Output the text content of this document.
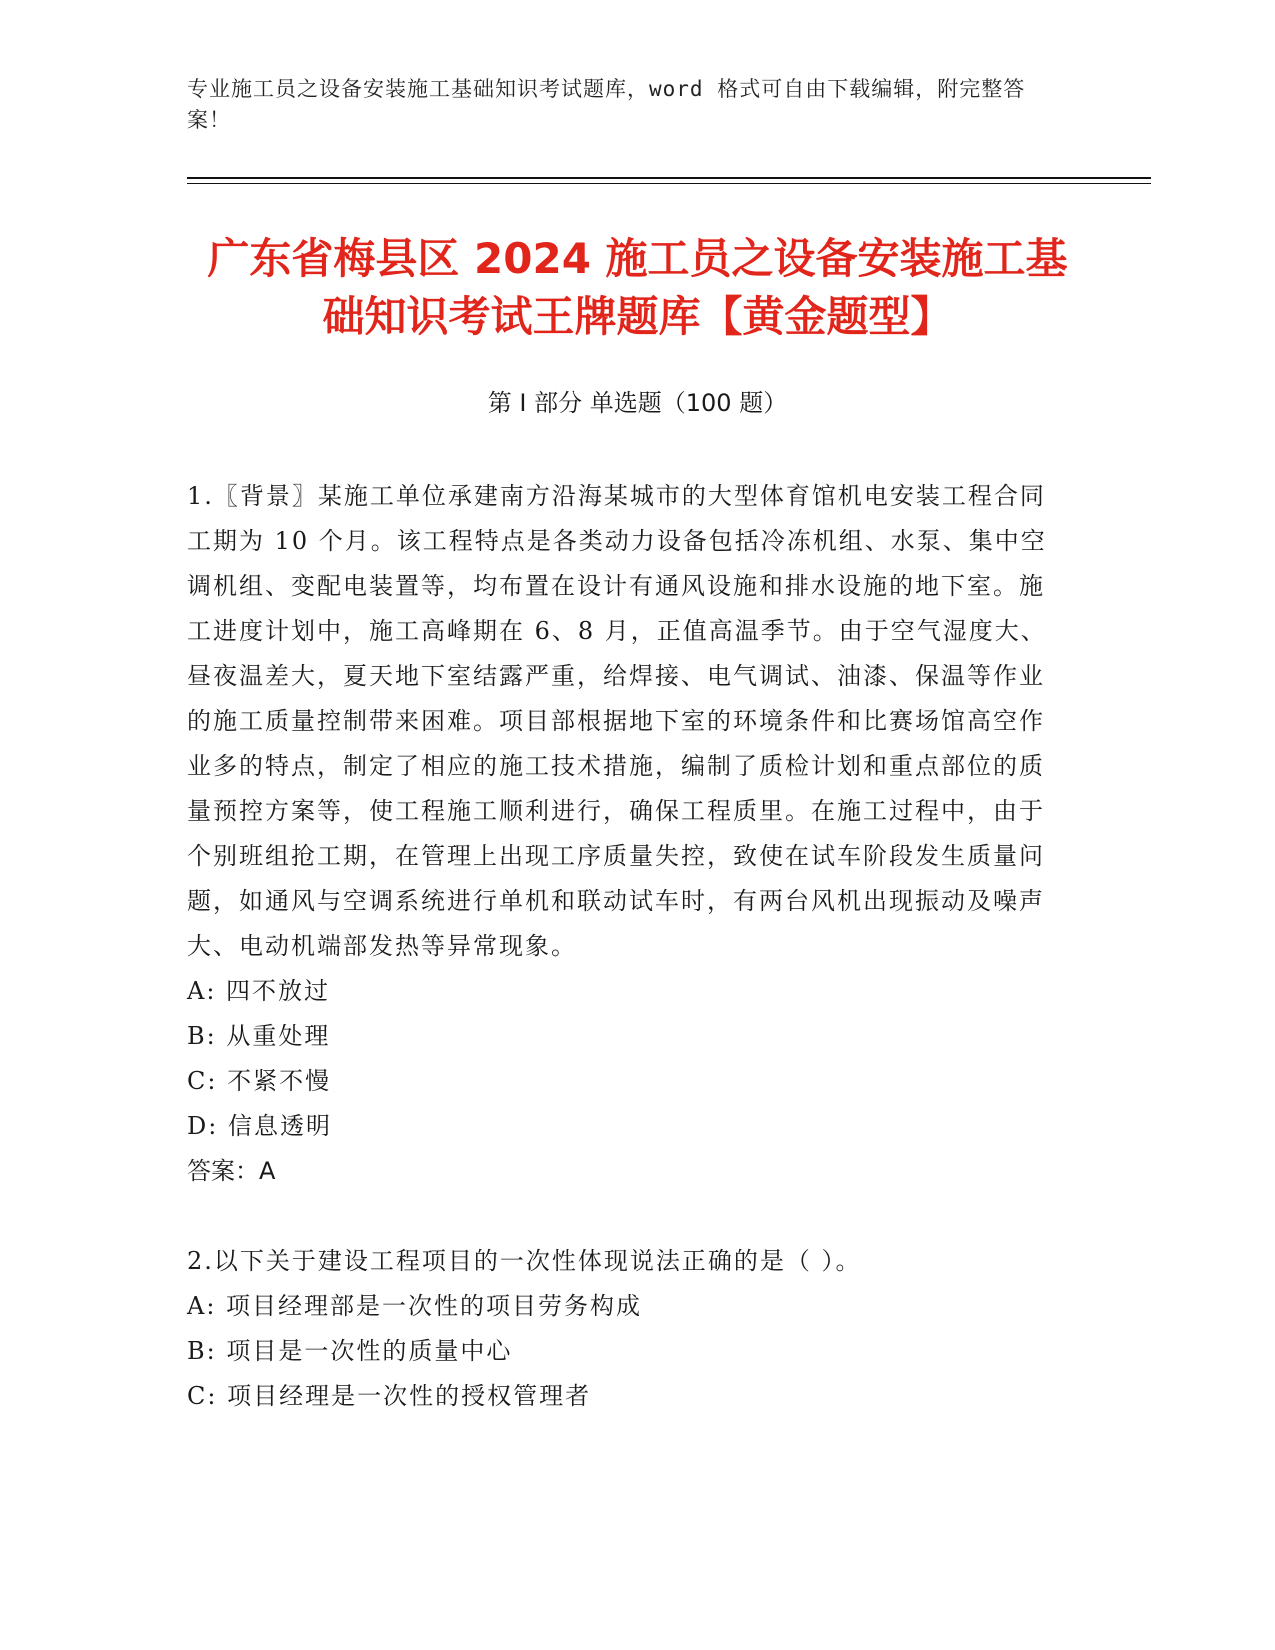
专业施工员之设备安装施工基础知识考试题库，word 格式可自由下载编辑，附完整答案！
广东省梅县区 2024 施工员之设备安装施工基
础知识考试王牌题库【黄金题型】
第 I 部分 单选题（100 题）

1.〖背景〗某施工单位承建南方沿海某城市的大型体育馆机电安装工程合同工期为 10 个月。该工程特点是各类动力设备包括冷冻机组、水泵、集中空调机组、变配电装置等，均布置在设计有通风设施和排水设施的地下室。施工进度计划中，施工高峰期在 6、8 月，正值高温季节。由于空气湿度大、昼夜温差大，夏天地下室结露严重，给焊接、电气调试、油漆、保温等作业的施工质量控制带来困难。项目部根据地下室的环境条件和比赛场馆高空作业多的特点，制定了相应的施工技术措施，编制了质检计划和重点部位的质量预控方案等，使工程施工顺利进行，确保工程质里。在施工过程中，由于个别班组抢工期，在管理上出现工序质量失控，致使在试车阶段发生质量问题，如通风与空调系统进行单机和联动试车时，有两台风机出现振动及噪声大、电动机端部发热等异常现象。

A: 四不放过

B: 从重处理

C: 不紧不慢

D: 信息透明

答案：A

2.以下关于建设工程项目的一次性体现说法正确的是（ ）。

A: 项目经理部是一次性的项目劳务构成

B: 项目是一次性的质量中心

C: 项目经理是一次性的授权管理者
